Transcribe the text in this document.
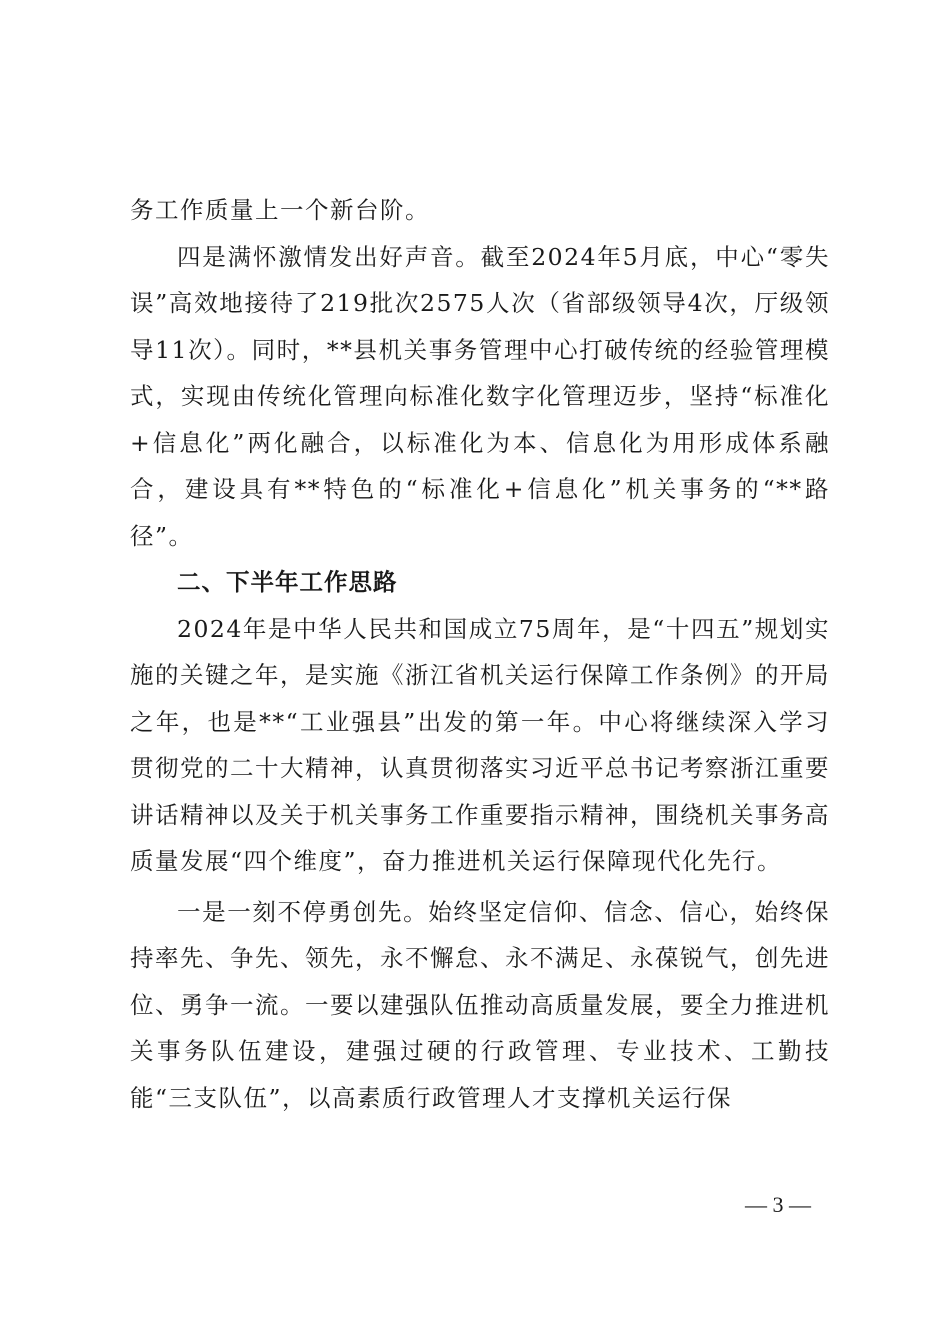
务工作质量上一个新台阶。

四是满怀激情发出好声音。截至2024年5月底，中心“零失误”高效地接待了219批次2575人次（省部级领导4次，厅级领导11次）。同时，**县机关事务管理中心打破传统的经验管理模式，实现由传统化管理向标准化数字化管理迈步，坚持“标准化+信息化”两化融合，以标准化为本、信息化为用形成体系融合，建设具有**特色的“标准化+信息化”机关事务的“**路径”。

二、下半年工作思路

2024年是中华人民共和国成立75周年，是“十四五”规划实施的关键之年，是实施《浙江省机关运行保障工作条例》的开局之年，也是**“工业强县”出发的第一年。中心将继续深入学习贯彻党的二十大精神，认真贯彻落实习近平总书记考察浙江重要讲话精神以及关于机关事务工作重要指示精神，围绕机关事务高质量发展“四个维度”，奋力推进机关运行保障现代化先行。

一是一刻不停勇创先。始终坚定信仰、信念、信心，始终保持率先、争先、领先，永不懈怠、永不满足、永葆锐气，创先进位、勇争一流。一要以建强队伍推动高质量发展，要全力推进机关事务队伍建设，建强过硬的行政管理、专业技术、工勤技能“三支队伍”，以高素质行政管理人才支撑机关运行保

— 3 —
